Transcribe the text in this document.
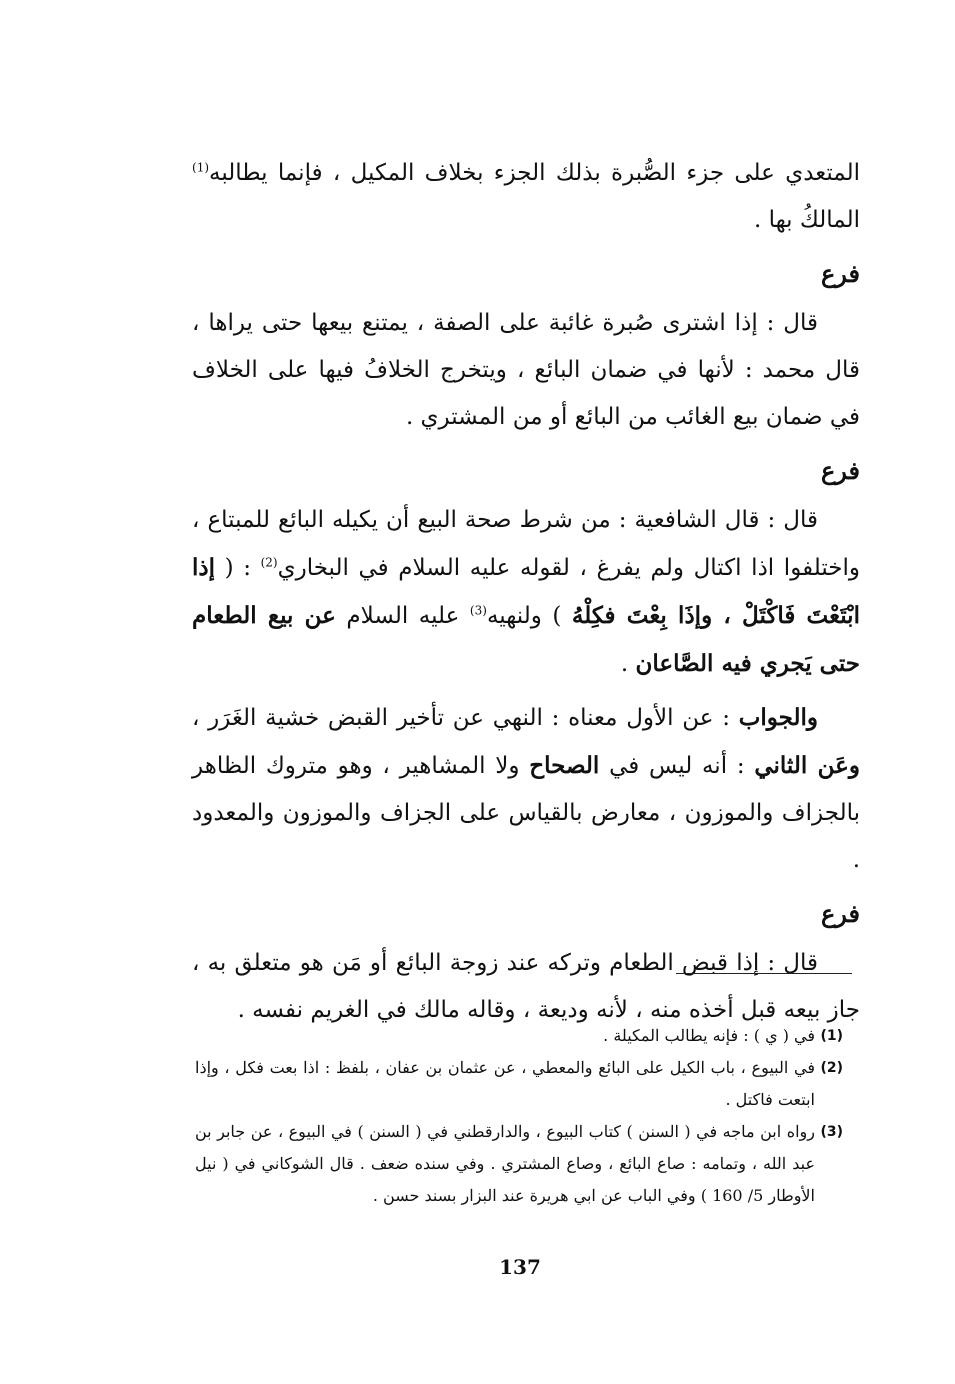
المتعدي على جزء الصُّبرة بذلك الجزء بخلاف المكيل ، فإنما يطالبه$^{(1)}$ المالكُ بها .

فرع

قال : إذا اشترى صُبرة غائبة على الصفة ، يمتنع بيعها حتى يراها ، قال محمد : لأنها في ضمان البائع ، ويتخرج الخلافُ فيها على الخلاف في ضمان بيع الغائب من البائع أو من المشتري .

فرع

قال : قال الشافعية : من شرط صحة البيع أن يكيله البائع للمبتاع ، واختلفوا اذا اكتال ولم يفرغ ، لقوله عليه السلام في البخاري$^{(2)}$ : ( إذا ابْتَعْتَ فَاكْتَلْ ، وإذَا بِعْتَ فكِلْهُ ) ولنهيه$^{(3)}$ عليه السلام عن بيع الطعام حتى يَجري فيه الصَّاعان .

والجواب : عن الأول معناه : النهي عن تأخير القبض خشية الغَرَر ، وعَن الثاني : أنه ليس في الصحاح ولا المشاهير ، وهو متروك الظاهر بالجزاف والموزون ، معارض بالقياس على الجزاف والموزون والمعدود .

فرع

قال : إذا قبض الطعام وتركه عند زوجة البائع أو مَن هو متعلق به ، جاز بيعه قبل أخذه منه ، لأنه وديعة ، وقاله مالك في الغريم نفسه .

(1)
في ( ي ) : فإنه يطالب المكيلة .
(2)
في البيوع ، باب الكيل على البائع والمعطي ، عن عثمان بن عفان ، بلفظ : اذا بعت فكل ، وإذا ابتعت فاكتل .
(3)
رواه ابن ماجه في ( السنن ) كتاب البيوع ، والدارقطني في ( السنن ) في البيوع ، عن جابر بن عبد الله ، وتمامه : صاع البائع ، وصاع المشتري . وفي سنده ضعف . قال الشوكاني في ( نيل الأوطار 5/ 160 ) وفي الباب عن ابي هريرة عند البزار بسند حسن .
137
